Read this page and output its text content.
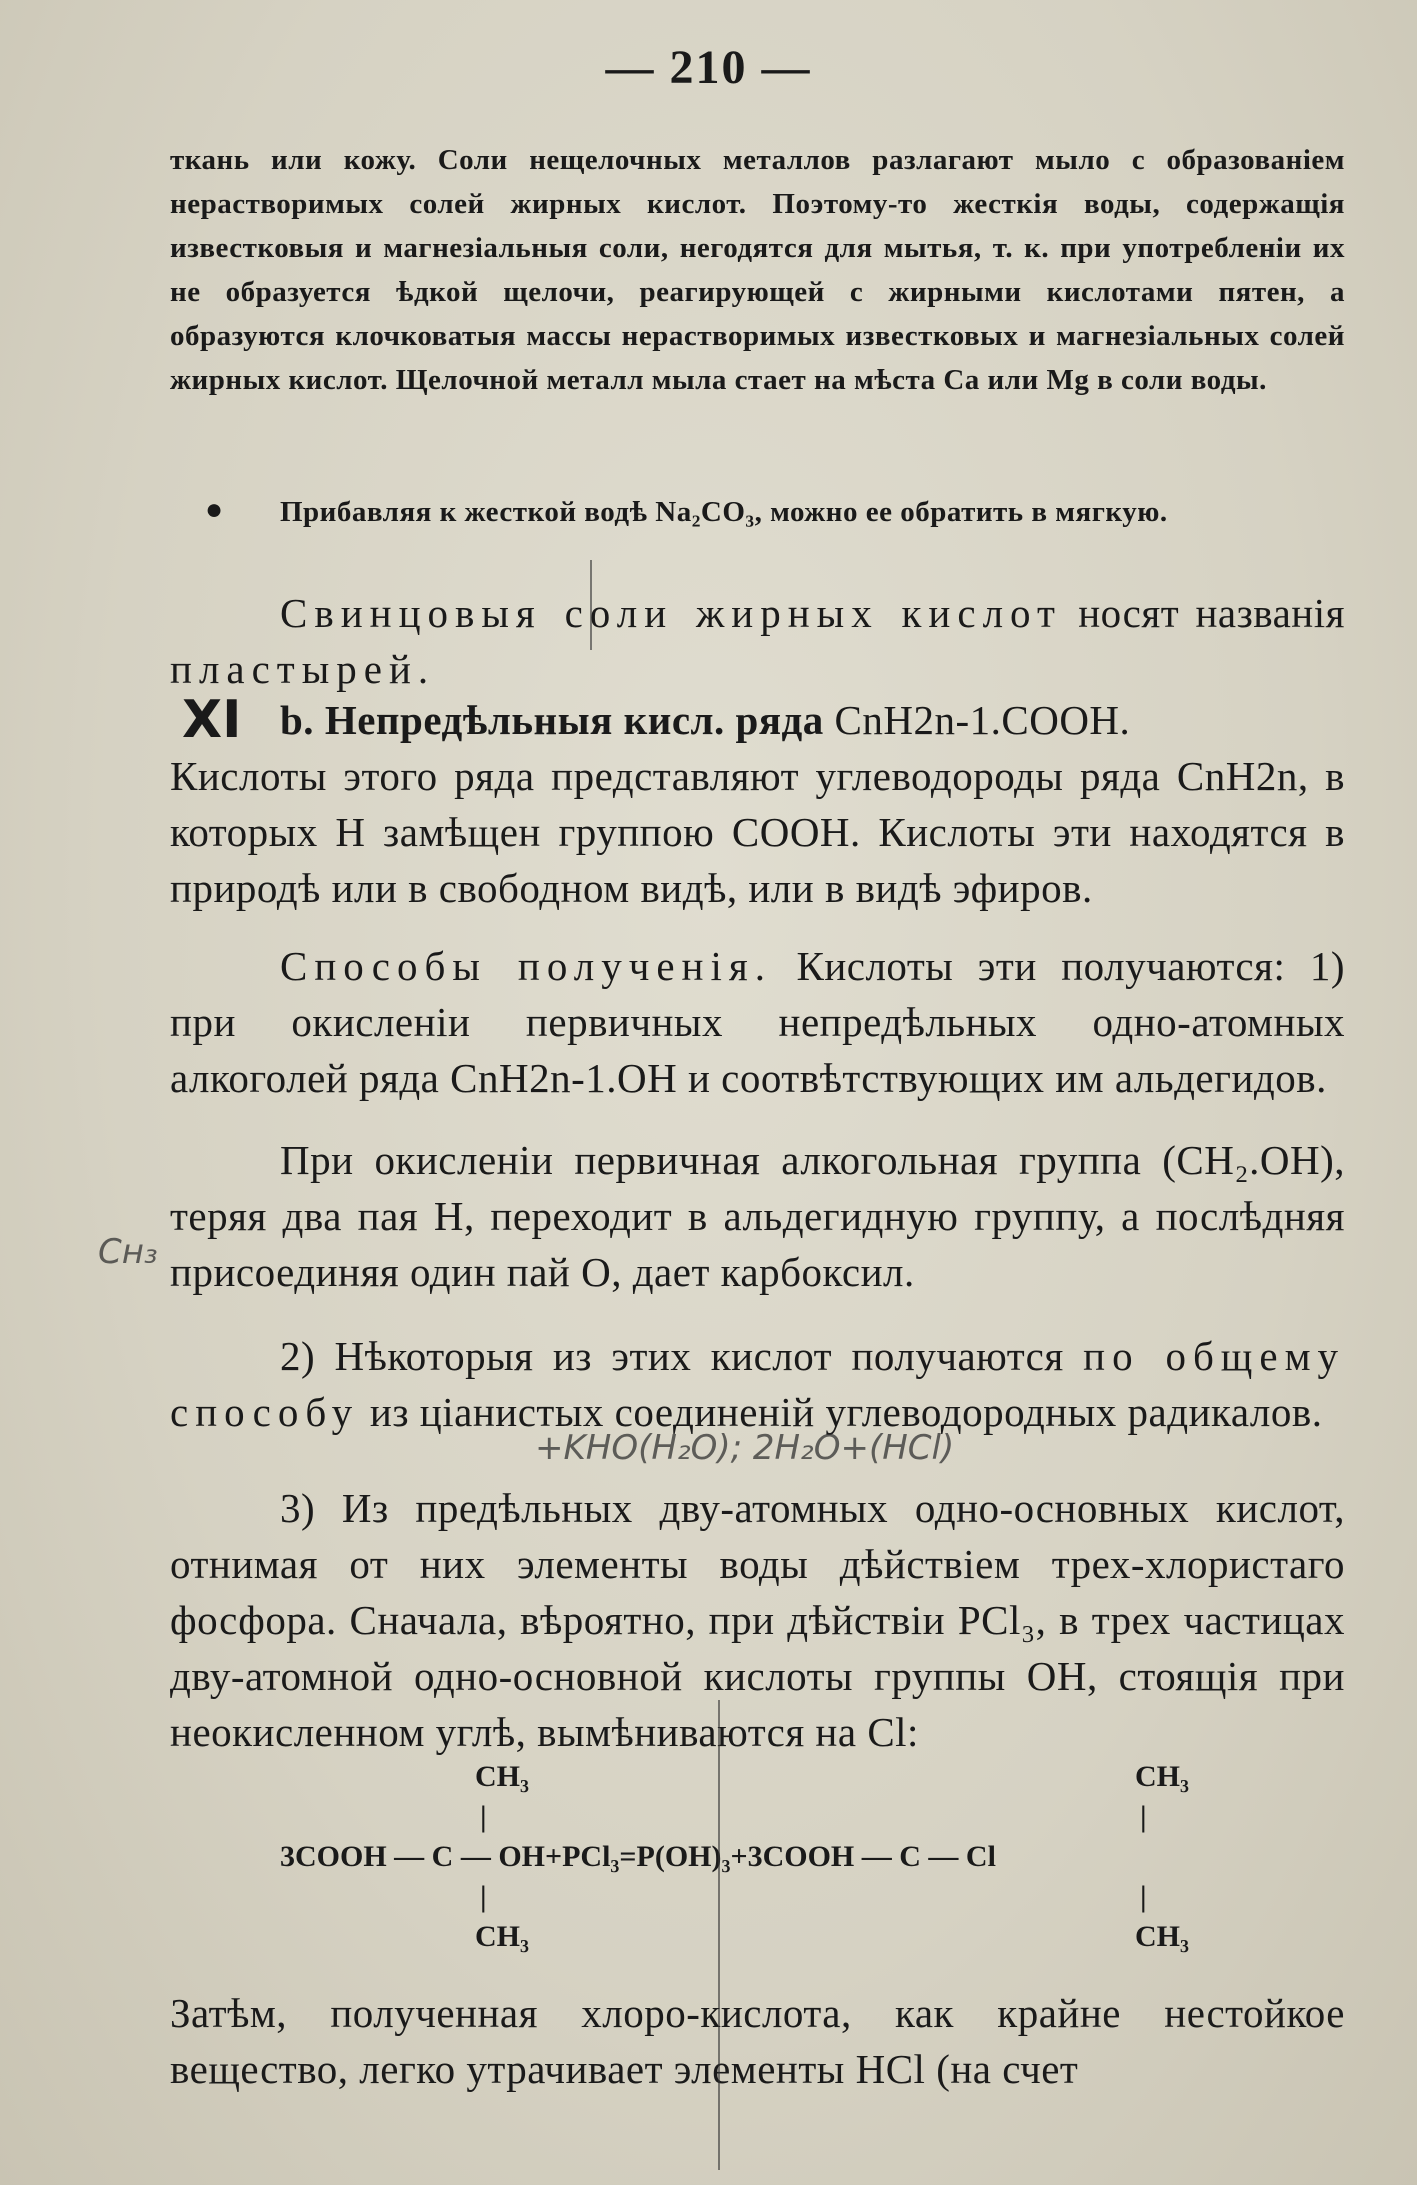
— 210 —

ткань или кожу. Соли нещелочных металлов разлагают мыло с образованіем нерастворимых солей жирных кислот. Поэтому-то жесткія воды, содержащія известковыя и магнезіальныя соли, негодятся для мытья, т. к. при употребленіи их не образуется ѣдкой щелочи, реагирующей с жирными кислотами пятен, а образуются клочковатыя массы нерастворимых известковых и магнезіальных солей жирных кислот. Щелочной металл мыла стает на мѣста Ca или Mg в соли воды.

●	Прибавляя к жесткой водѣ Na₂CO₃, можно ее обратить в мягкую.

Свинцовыя соли жирных кислот носят названія пластырей.

XI b. Непредѣльныя кисл. ряда CnH2n-1.COOH.

Кислоты этого ряда представляют углеводороды ряда CnH2n, в которых H замѣщен группою COOH. Кислоты эти находятся в природѣ или в свободном видѣ, или в видѣ эфиров.

Способы полученія. Кислоты эти получаются: 1) при окисленіи первичных непредѣльных одно-атомных алкоголей ряда CnH2n-1.OH и соотвѣтствующих им альдегидов.

Cн₃

При окисленіи первичная алкогольная группа (CH₂.OH), теряя два пая H, переходит в альдегидную группу, а послѣдняя присоединяя один пай O, дает карбоксил.

2) Нѣкоторыя из этих кислот получаются по общему способу из ціанистых соединеній углеводородных радикалов.

+KHO(H₂O); 2H₂O+(HCl)

3) Из предѣльных дву-атомных одно-основных кислот, отнимая от них элементы воды дѣйствіем трех-хлористаго фосфора. Сначала, вѣроятно, при дѣйствіи PCl₃, в трех частицах дву-атомной одно-основной кислоты группы OH, стоящія при неокисленном углѣ, вымѣниваются на Cl:

CH₃
|
CH₃
|
3COOH — C — OH+PCl₃=P(OH)₃+3COOH — C — Cl
|
CH₃
|
CH₃

Затѣм, полученная хлоро-кислота, как крайне нестойкое вещество, легко утрачивает элементы HCl (на счет
